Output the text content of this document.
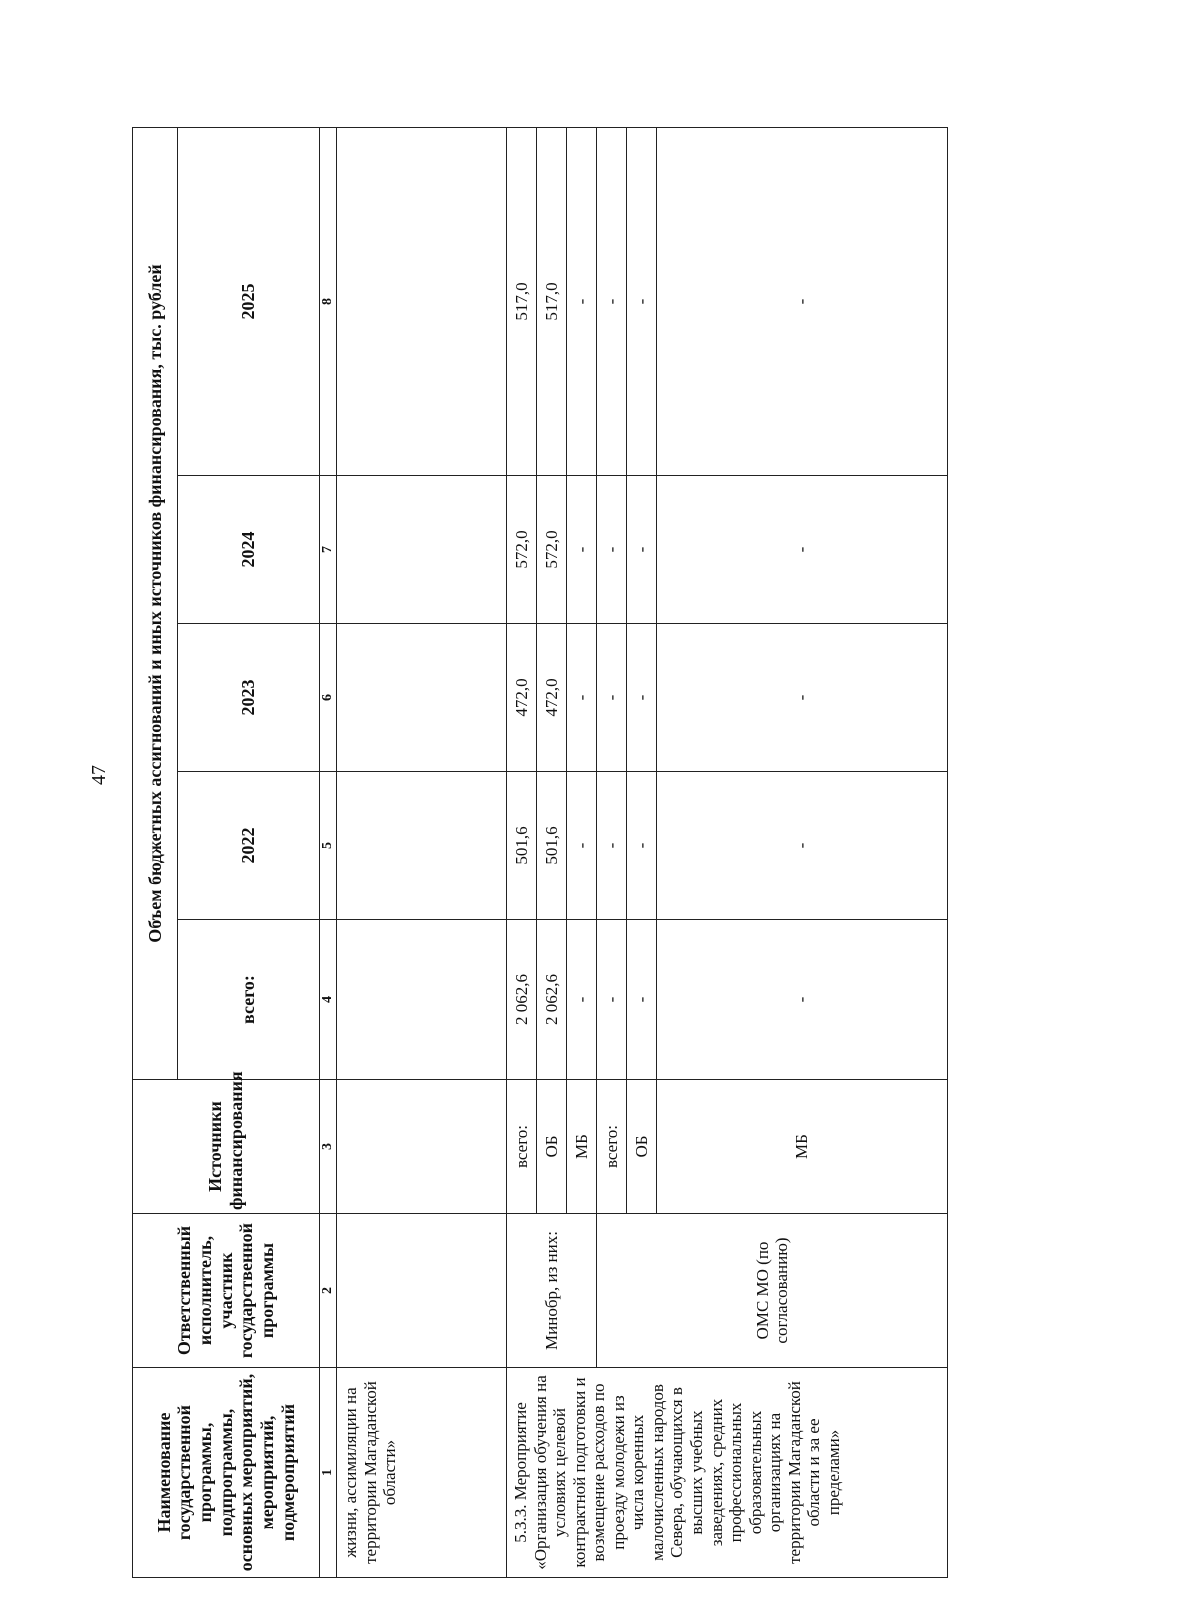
47
Наименование государственной программы, подпрограммы, основных мероприятий, мероприятий, подмероприятий	Ответственный исполнитель, участник государственной программы	Источники финансирования	Объем бюджетных ассигнований и иных источников финансирования, тыс. рублей				
			всего:	2022	2023	2024	2025
1	2	3	4	5	6	7	8
жизни, ассимиляции на территории Магаданской области»							
5.3.3. Мероприятие «Организация обучения на условиях целевой контрактной подготовки и возмещение расходов по проезду молодежи из числа коренных малочисленных народов Севера, обучающихся в высших учебных заведениях, средних профессиональных образовательных организациях на территории Магаданской области и за ее пределами»	Минобр, из них:	всего:	2 062,6	501,6	472,0	572,0	517,0
		ОБ	2 062,6	501,6	472,0	572,0	517,0
		МБ	-	-	-	-	-
	ОМС МО (по согласованию)	всего:	-	-	-	-	-
		ОБ	-	-	-	-	-
		МБ	-	-	-	-	-
